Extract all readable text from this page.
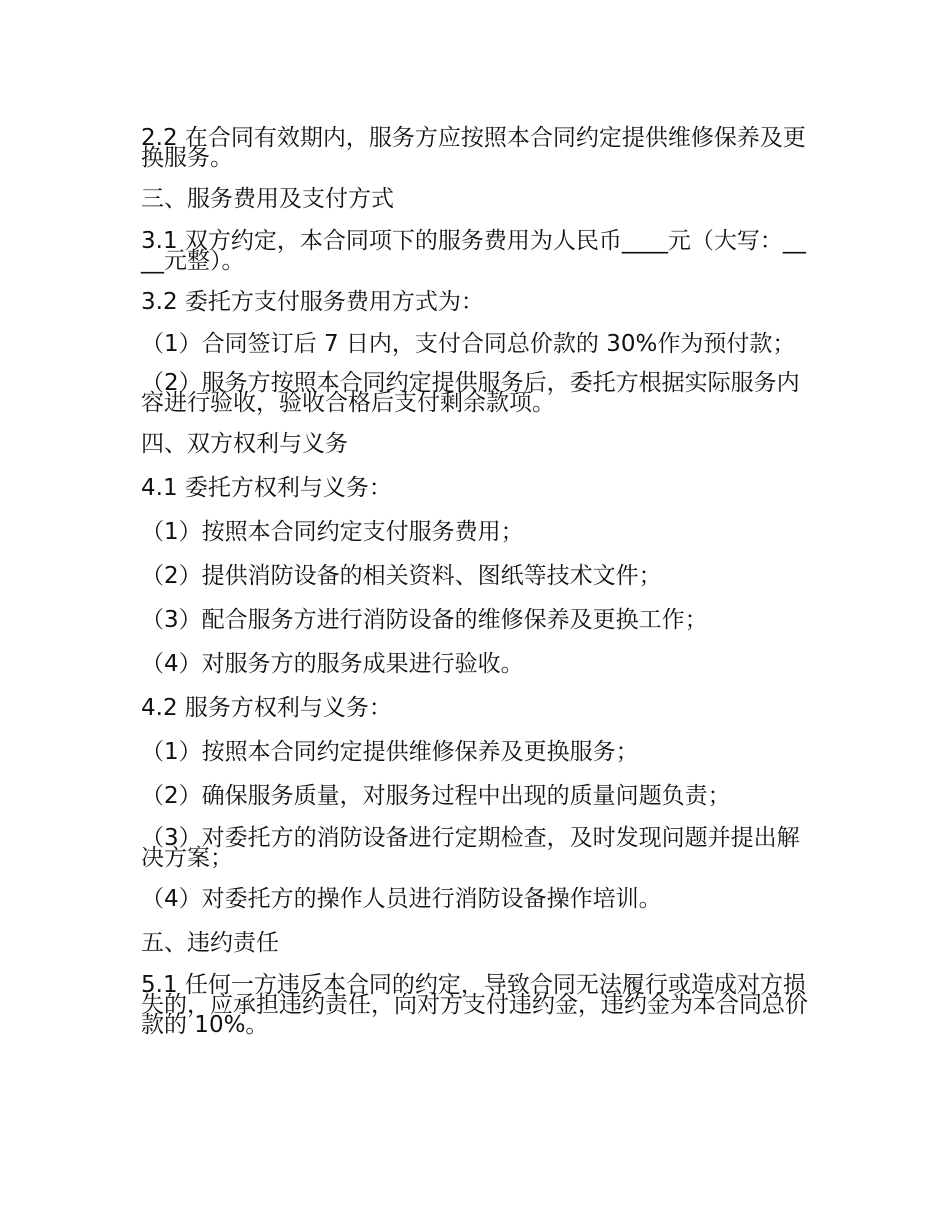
2.2 在合同有效期内，服务方应按照本合同约定提供维修保养及更换服务。

三、服务费用及支付方式

3.1 双方约定，本合同项下的服务费用为人民币____元（大写：____元整）。

3.2 委托方支付服务费用方式为：

（1）合同签订后 7 日内，支付合同总价款的 30%作为预付款；

（2）服务方按照本合同约定提供服务后，委托方根据实际服务内容进行验收，验收合格后支付剩余款项。

四、双方权利与义务

4.1 委托方权利与义务：

（1）按照本合同约定支付服务费用；

（2）提供消防设备的相关资料、图纸等技术文件；

（3）配合服务方进行消防设备的维修保养及更换工作；

（4）对服务方的服务成果进行验收。

4.2 服务方权利与义务：

（1）按照本合同约定提供维修保养及更换服务；

（2）确保服务质量，对服务过程中出现的质量问题负责；

（3）对委托方的消防设备进行定期检查，及时发现问题并提出解决方案；

（4）对委托方的操作人员进行消防设备操作培训。

五、违约责任

5.1 任何一方违反本合同的约定，导致合同无法履行或造成对方损失的，应承担违约责任，向对方支付违约金，违约金为本合同总价款的 10%。
